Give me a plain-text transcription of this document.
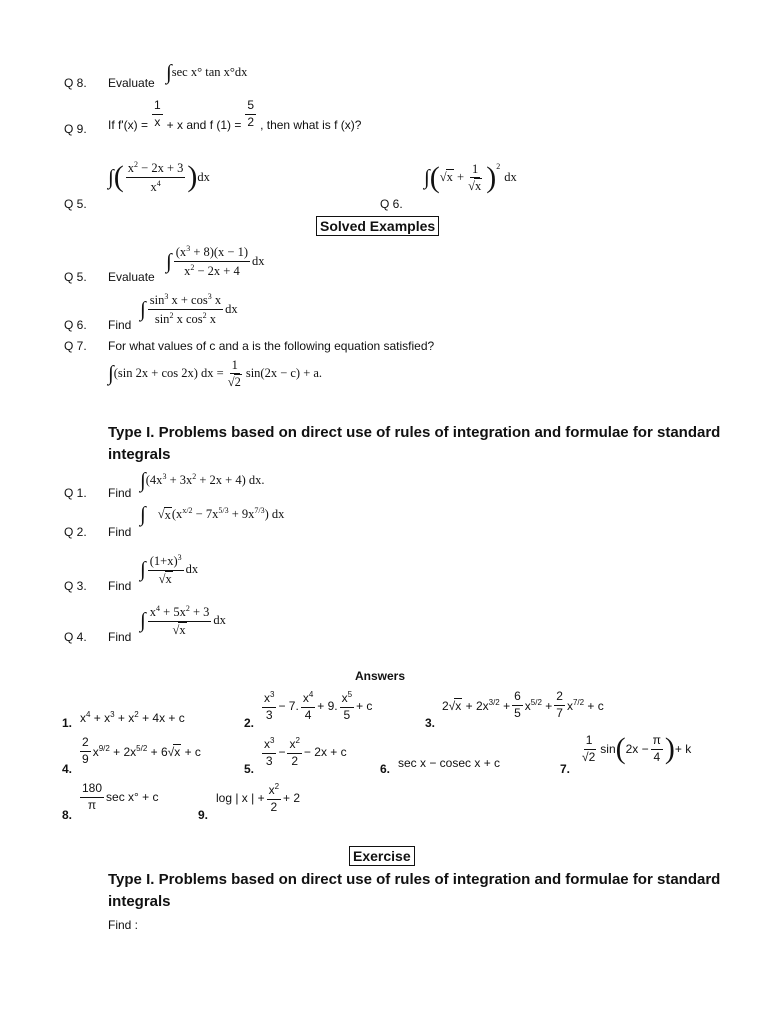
Q 8. Evaluate ∫ sec x° tan x°dx
Q 9. If $f'(x) = \frac{1}{x} + x$ and f $(1) = \frac{5}{2}$ , then what is f (x)?
Q 5.
∫ ( $\frac{x^2 - 2x + 3}{x^4}$ ) dx
Q 6.
∫ ( $√x + \frac{1}{√x} )^2$
dx
Solved Examples
Q 5. Evaluate
∫ $\frac{(x^3 + 8)(x - 1)}{x^2 - 2x + 4}$ dx
Q 6. Find
∫ $\frac{\sin^3 x + \cos^3 x}{\sin^2 x \cos^2 x}$ dx
Q 7. For what values of c and a is the following equation satisfied?
∫ (sin 2x + cos 2x) dx = $\frac{1}{√2} \sin(2x - c) + a$.
Type I. Problems based on direct use of rules of integration and formulae for standard integrals
Q 1. Find
∫ $(4x^3 + 3x^2 + 2x + 4)$ dx.
Q 2. Find
∫ $√x(x^{x/2} - 7x^{5/3} + 9x^{7/3})$ dx
Q 3. Find
∫ $\frac{(1+x)^3}{√x}$ dx
Q 4. Find
∫ $\frac{x^4 + 5x^2 + 3}{√x}$ dx
Answers
1. $x^4 + x^3 + x^2 + 4x + c$	2.
$\frac{x^3}{3} - 7$. $\frac{x^4}{4} + 9$. $\frac{x^5}{5} + c$
3.
$2√x + 2x^{3/2} + \frac{6}{5} x^{5/2} + \frac{2}{7} x^{7/2} + c$
4.
$\frac{2}{9} x^{9/2} + 2x^{5/2} + 6√x + c$
5.
$\frac{x^3}{3} - \frac{x^2}{2} - 2x + c$
6. sec x − cosec x + c	7.
$\frac{1}{√2}$ sin ( $2x - \frac{\pi}{4}$ ) + k
8.
$\frac{180}{\pi}$ sec x° + c
9.
log | x | + $\frac{x^2}{2} + 2$
Exercise
Type I. Problems based on direct use of rules of integration and formulae for standard integrals
Find :
